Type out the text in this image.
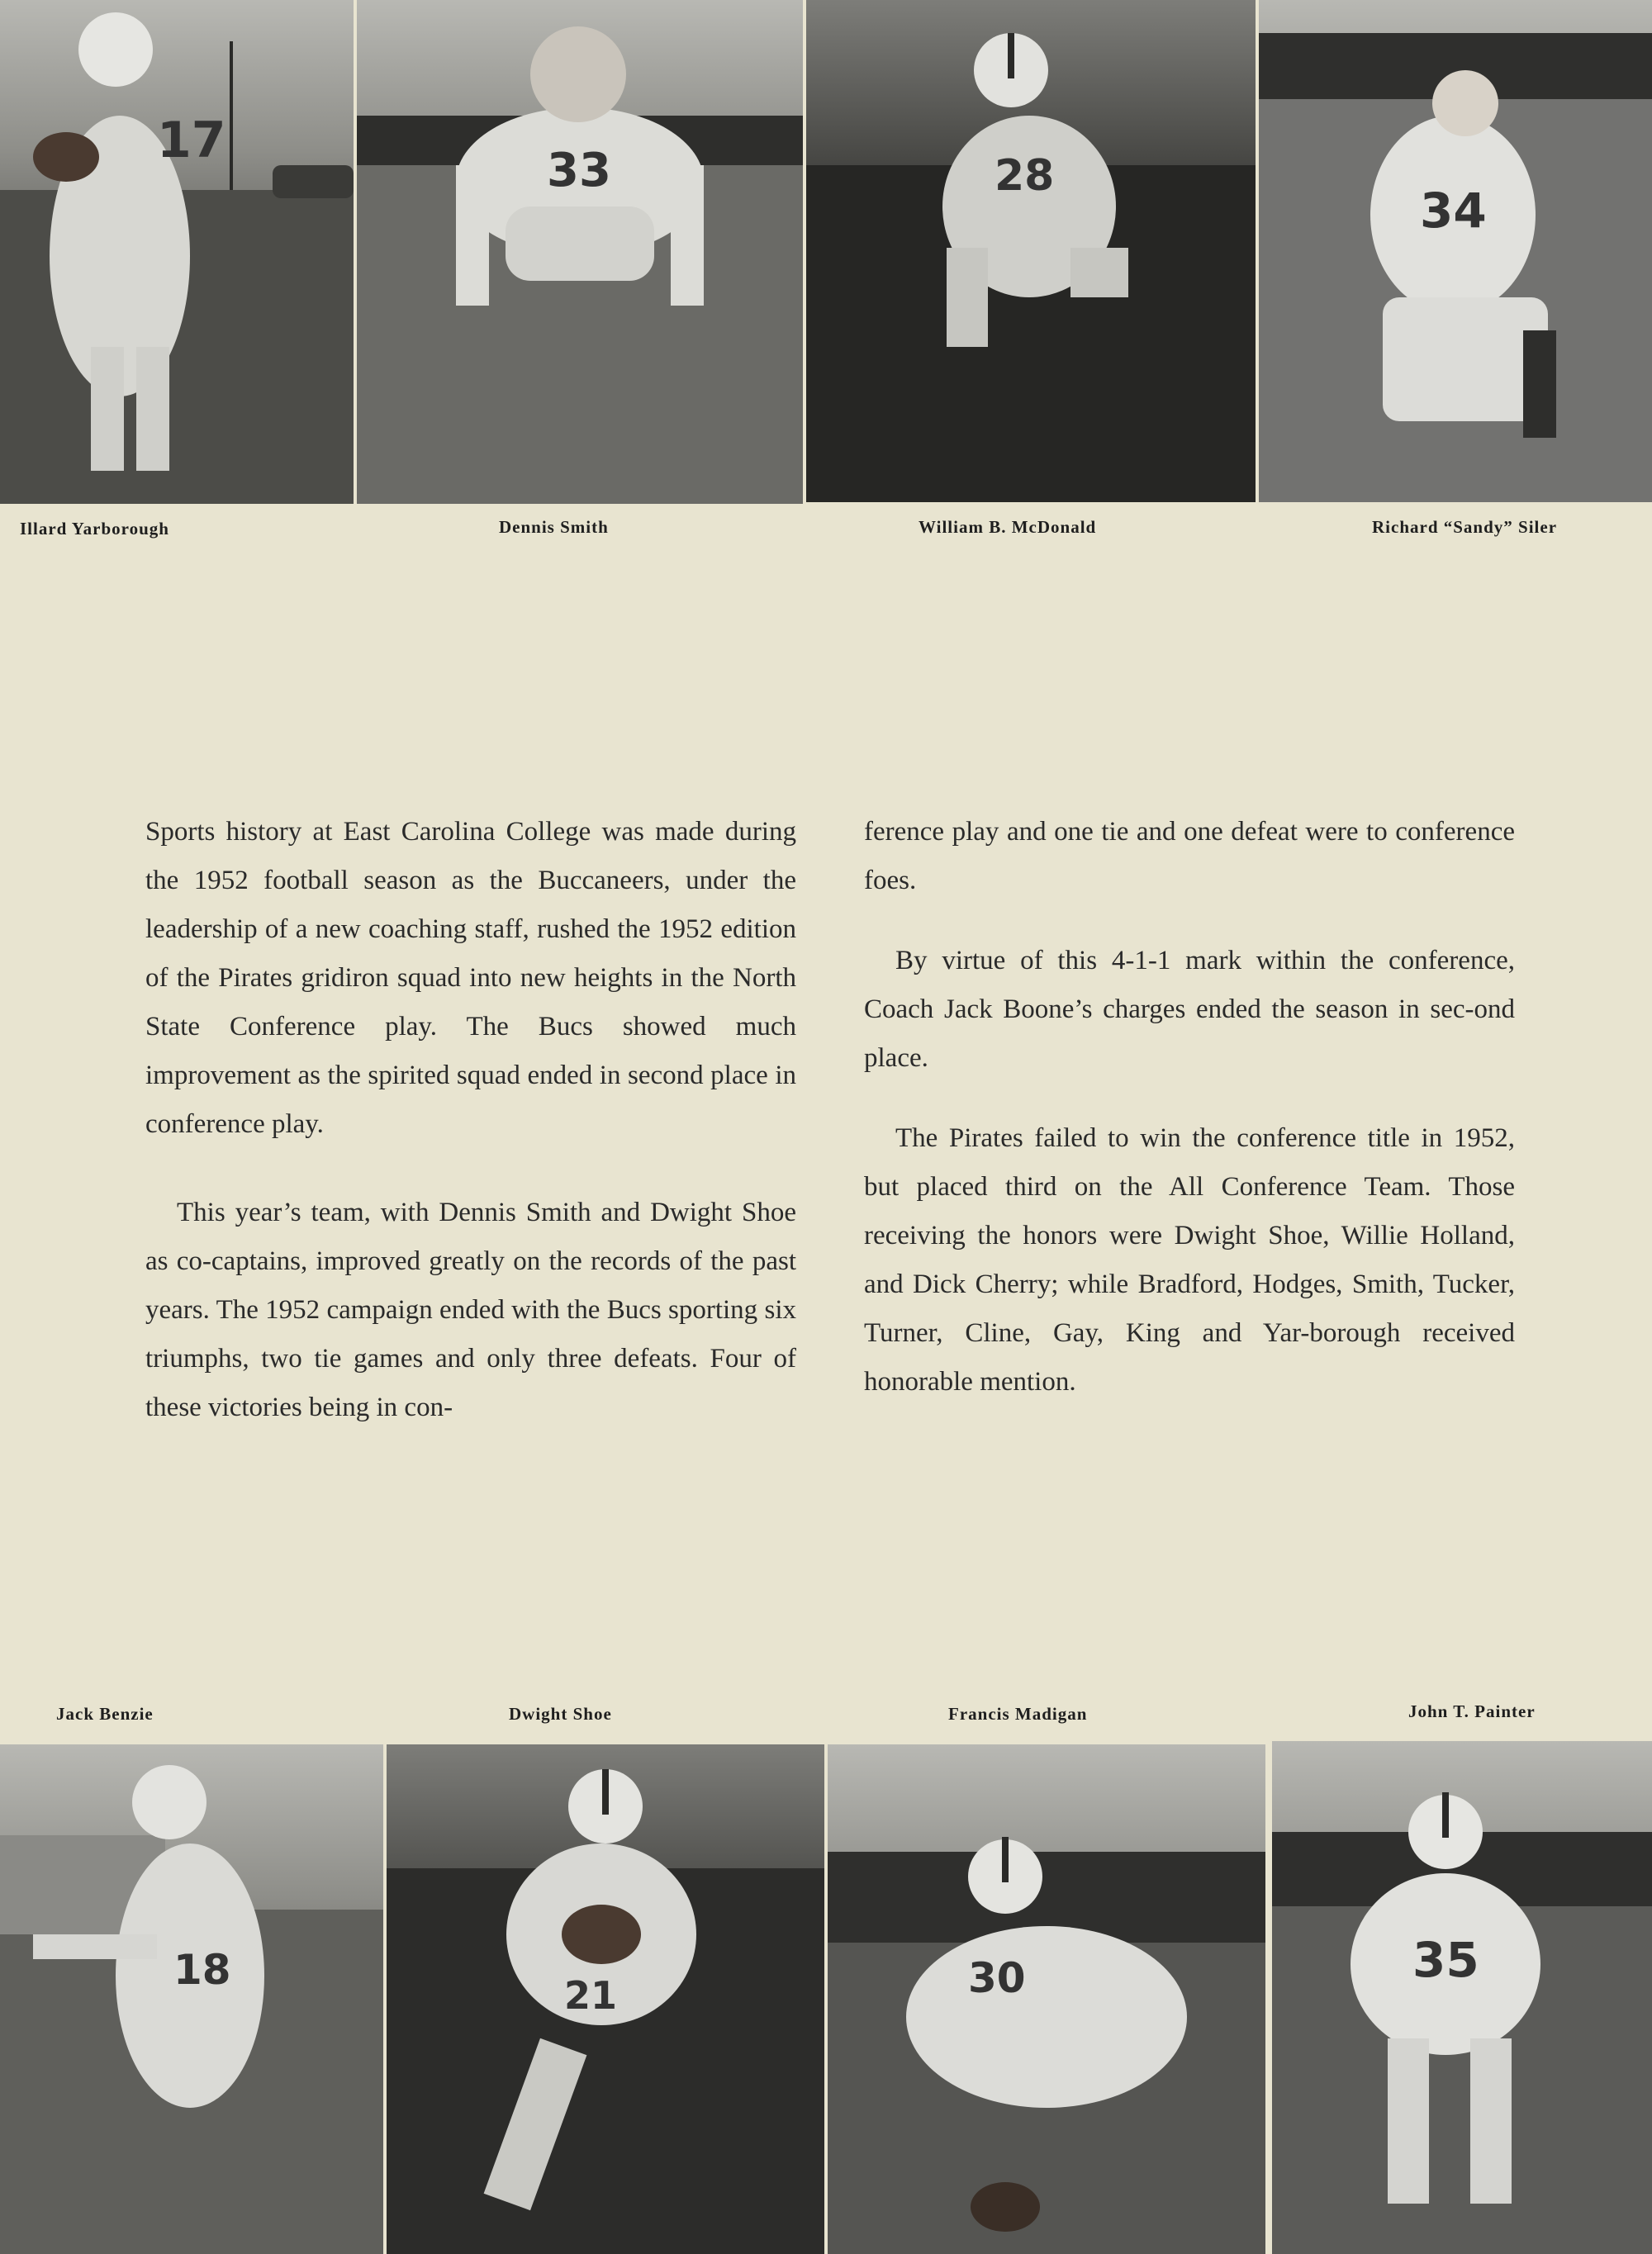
17
33	28
34
Illard Yarborough	Dennis Smith	William B. McDonald	Richard “Sandy” Siler

Sports history at East Carolina College was made during the 1952 football season as the Buccaneers, under the leadership of a new coaching staff, rushed the 1952 edition of the Pirates gridiron squad into new heights in the North State Conference play. The Bucs showed much improvement as the spirited squad ended in second place in conference play.

This year’s team, with Dennis Smith and Dwight Shoe as co-captains, improved greatly on the records of the past years. The 1952 campaign ended with the Bucs sporting six triumphs, two tie games and only three defeats. Four of these victories being in con-

ference play and one tie and one defeat were to conference foes.

By virtue of this 4-1-1 mark within the conference, Coach Jack Boone’s charges ended the season in sec-ond place.

The Pirates failed to win the conference title in 1952, but placed third on the All Conference Team. Those receiving the honors were Dwight Shoe, Willie Holland, and Dick Cherry; while Bradford, Hodges, Smith, Tucker, Turner, Cline, Gay, King and Yar-borough received honorable mention.

Jack Benzie	Dwight Shoe	Francis Madigan	John T. Painter
18
21	30	35
